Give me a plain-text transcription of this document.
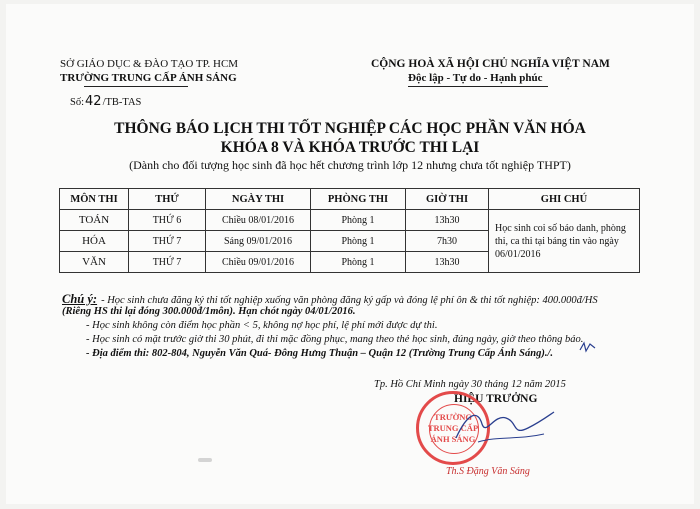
SỞ GIÁO DỤC & ĐÀO TẠO TP. HCM
TRƯỜNG TRUNG CẤP ÁNH SÁNG
Số:42/TB-TAS
CỘNG HOÀ XÃ HỘI CHỦ NGHĨA VIỆT NAM
Độc lập - Tự do - Hạnh phúc
THÔNG BÁO LỊCH THI TỐT NGHIỆP CÁC HỌC PHẦN VĂN HÓA
KHÓA 8 VÀ KHÓA TRƯỚC THI LẠI
(Dành cho đối tượng học sinh đã học hết chương trình lớp 12 nhưng chưa tốt nghiệp THPT)
MÔN THI	THỨ	NGÀY THI	PHÒNG THI	GIỜ THI	GHI CHÚ
TOÁN	THỨ 6	Chiều 08/01/2016	Phòng 1	13h30	Học sinh coi số báo danh, phòng thi, ca thi tại bảng tin vào ngày 06/01/2016
HÓA	THỨ 7	Sáng 09/01/2016	Phòng 1	7h30	
VĂN	THỨ 7	Chiều 09/01/2016	Phòng 1	13h30	
Chú ý: - Học sinh chưa đăng ký thi tốt nghiệp xuống văn phòng đăng ký gấp và đóng lệ phí ôn & thi tốt nghiệp: 400.000đ/HS
(Riêng HS thi lại đóng 300.000đ/1môn). Hạn chót ngày 04/01/2016.
- Học sinh không còn điểm học phần < 5, không nợ học phí, lệ phí mới được dự thi.
- Học sinh có mặt trước giờ thi 30 phút, đi thi mặc đồng phục, mang theo thẻ học sinh, đúng ngày, giờ theo thông báo.
- Địa điểm thi: 802-804, Nguyễn Văn Quá- Đông Hưng Thuận – Quận 12 (Trường Trung Cấp Ánh Sáng)./.
Tp. Hồ Chí Minh ngày 30 tháng 12 năm 2015
HIỆU TRƯỞNG
TRƯỜNG
TRUNG CẤP
ÁNH SÁNG
Th.S Đặng Văn Sáng
